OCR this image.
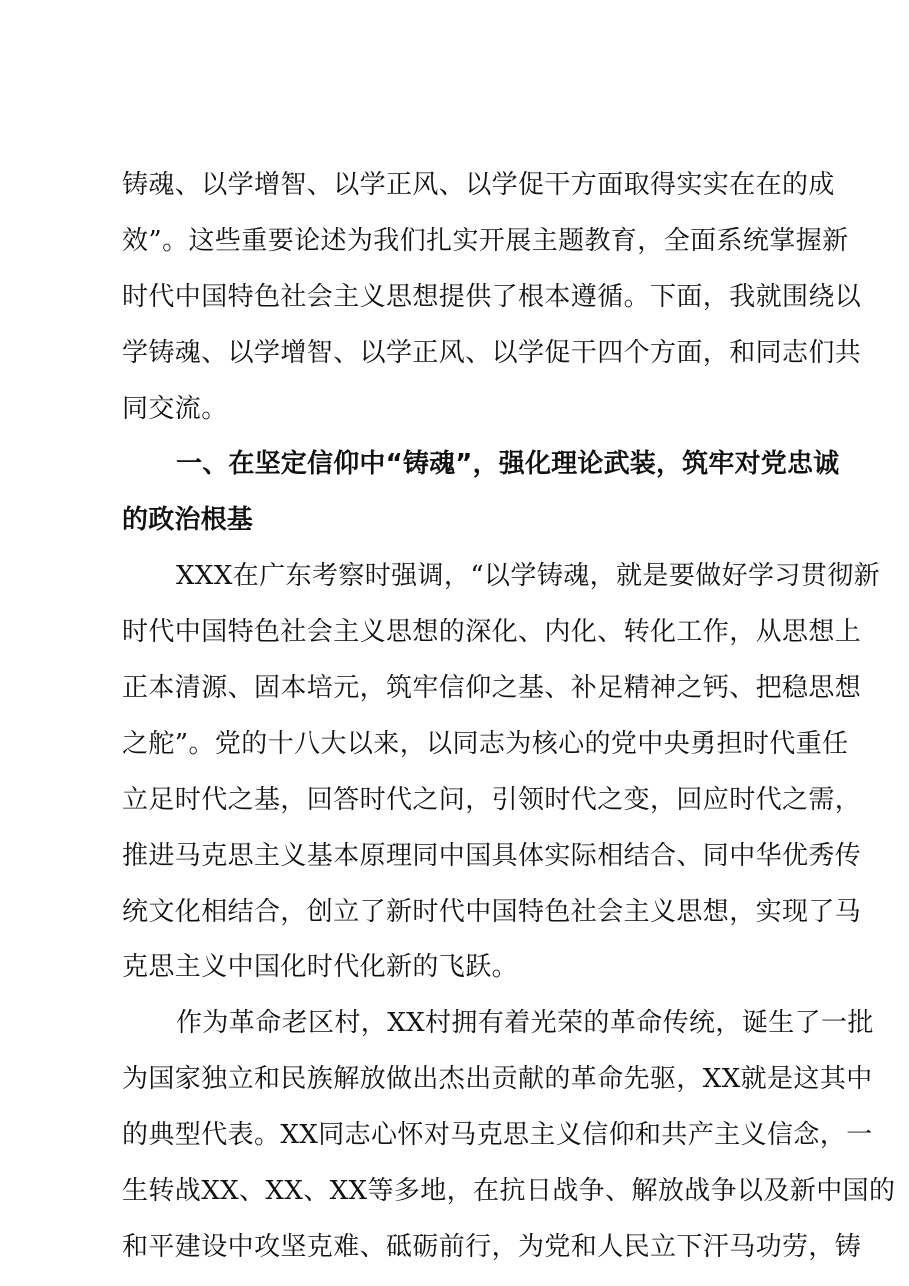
铸魂、以学增智、以学正风、以学促干方面取得实实在在的成
效”。这些重要论述为我们扎实开展主题教育，全面系统掌握新
时代中国特色社会主义思想提供了根本遵循。下面，我就围绕以
学铸魂、以学增智、以学正风、以学促干四个方面，和同志们共
同交流。
一、在坚定信仰中“铸魂”，强化理论武装，筑牢对党忠诚
的政治根基
XXX在广东考察时强调，“以学铸魂，就是要做好学习贯彻新
时代中国特色社会主义思想的深化、内化、转化工作，从思想上
正本清源、固本培元，筑牢信仰之基、补足精神之钙、把稳思想
之舵”。党的十八大以来，以同志为核心的党中央勇担时代重任
立足时代之基，回答时代之问，引领时代之变，回应时代之需，
推进马克思主义基本原理同中国具体实际相结合、同中华优秀传
统文化相结合，创立了新时代中国特色社会主义思想，实现了马
克思主义中国化时代化新的飞跃。
作为革命老区村，XX村拥有着光荣的革命传统，诞生了一批
为国家独立和民族解放做出杰出贡献的革命先驱，XX就是这其中
的典型代表。XX同志心怀对马克思主义信仰和共产主义信念，一
生转战XX、XX、XX等多地，在抗日战争、解放战争以及新中国的
和平建设中攻坚克难、砥砺前行，为党和人民立下汗马功劳，铸
